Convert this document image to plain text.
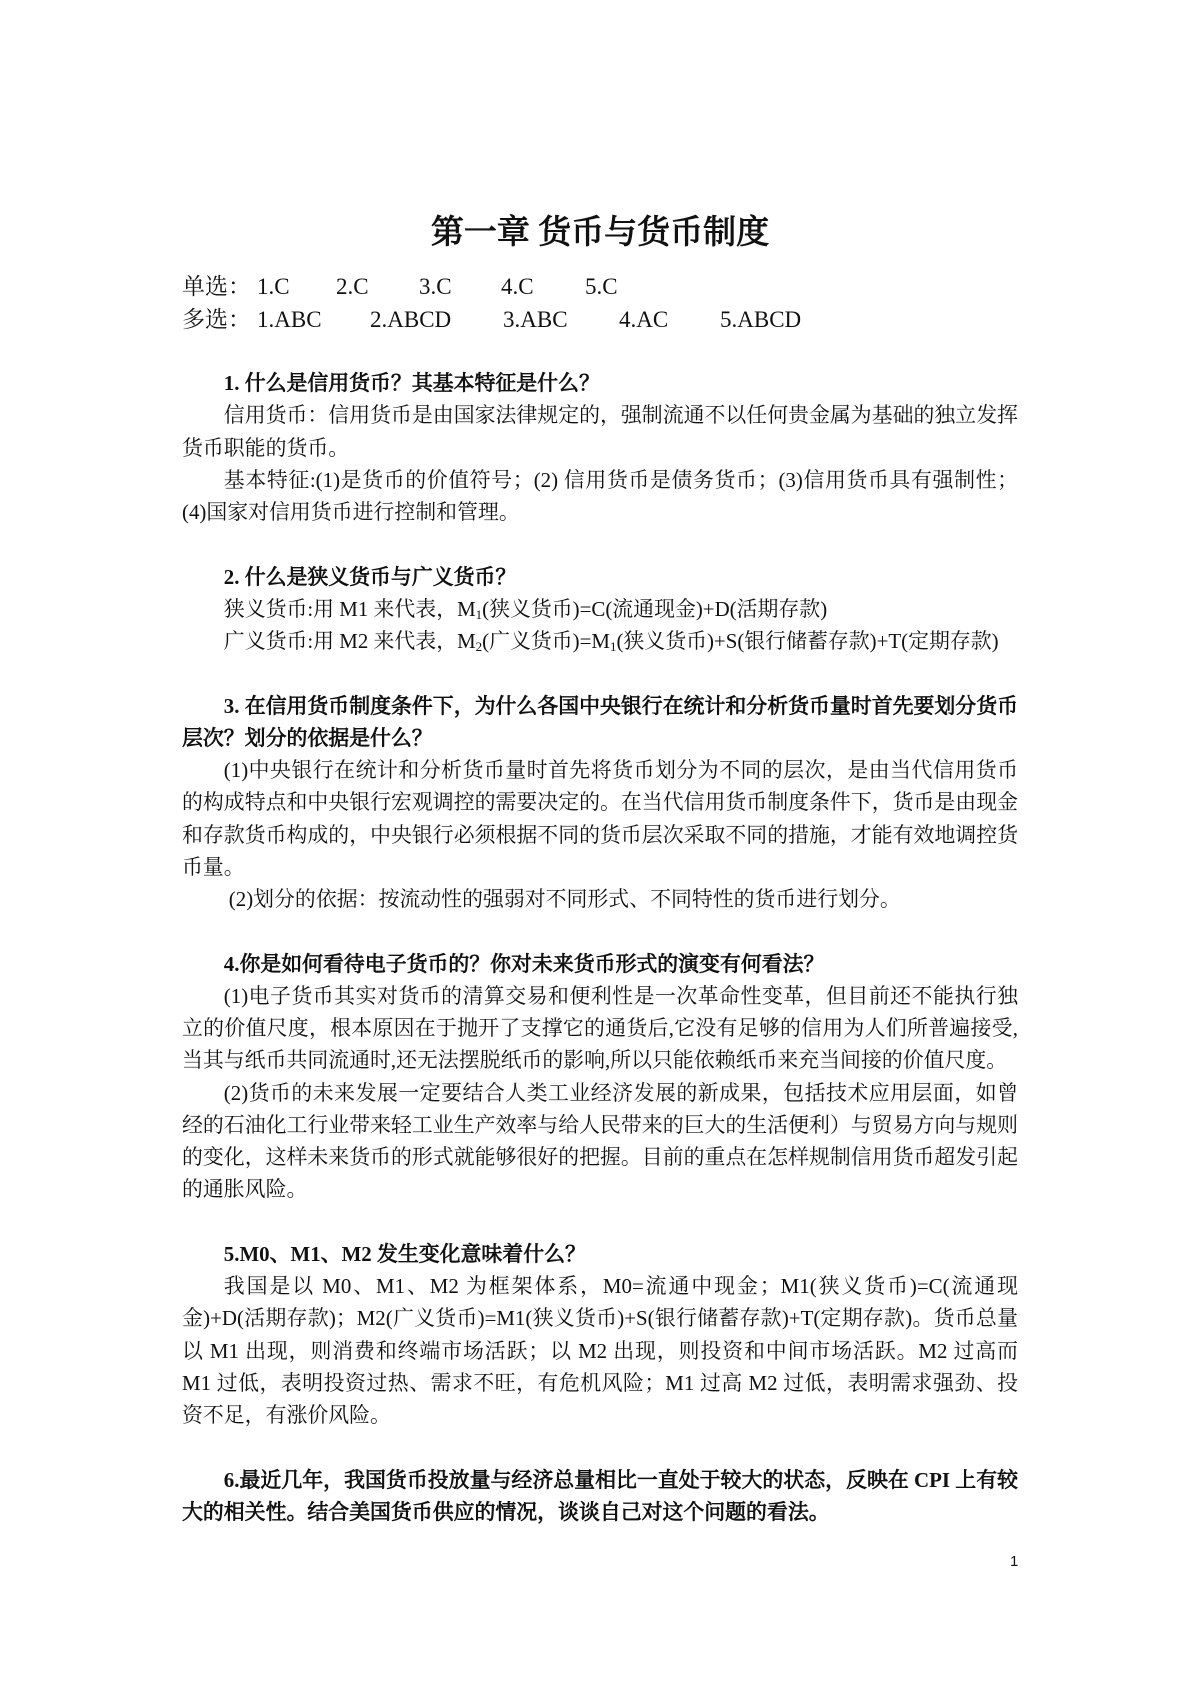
第一章 货币与货币制度
单选： 1.C 2.C 3.C 4.C 5.C
多选： 1.ABC 2.ABCD 3.ABC 4.AC 5.ABCD

1. 什么是信用货币？其基本特征是什么？

信用货币：信用货币是由国家法律规定的，强制流通不以任何贵金属为基础的独立发挥货币职能的货币。

基本特征:(1)是货币的价值符号；(2) 信用货币是债务货币；(3)信用货币具有强制性；(4)国家对信用货币进行控制和管理。

2. 什么是狭义货币与广义货币？

狭义货币:用 M1 来代表，$M_1$(狭义货币)=C(流通现金)+D(活期存款)

广义货币:用 M2 来代表，$M_2$(广义货币)$=M_1$(狭义货币)+S(银行储蓄存款)+T(定期存款)

3. 在信用货币制度条件下，为什么各国中央银行在统计和分析货币量时首先要划分货币层次？划分的依据是什么？

(1)中央银行在统计和分析货币量时首先将货币划分为不同的层次，是由当代信用货币的构成特点和中央银行宏观调控的需要决定的。在当代信用货币制度条件下，货币是由现金和存款货币构成的，中央银行必须根据不同的货币层次采取不同的措施，才能有效地调控货币量。

(2)划分的依据：按流动性的强弱对不同形式、不同特性的货币进行划分。

4.你是如何看待电子货币的？你对未来货币形式的演变有何看法？

(1)电子货币其实对货币的清算交易和便利性是一次革命性变革，但目前还不能执行独立的价值尺度，根本原因在于抛开了支撑它的通货后,它没有足够的信用为人们所普遍接受,当其与纸币共同流通时,还无法摆脱纸币的影响,所以只能依赖纸币来充当间接的价值尺度。

(2)货币的未来发展一定要结合人类工业经济发展的新成果，包括技术应用层面，如曾经的石油化工行业带来轻工业生产效率与给人民带来的巨大的生活便利）与贸易方向与规则的变化，这样未来货币的形式就能够很好的把握。目前的重点在怎样规制信用货币超发引起的通胀风险。

5.M0、M1、M2 发生变化意味着什么？

我国是以 M0、M1、M2 为框架体系，M0=流通中现金；M1(狭义货币)=C(流通现金)+D(活期存款)；M2(广义货币)=M1(狭义货币)+S(银行储蓄存款)+T(定期存款)。货币总量以 M1 出现，则消费和终端市场活跃；以 M2 出现，则投资和中间市场活跃。M2 过高而 M1 过低，表明投资过热、需求不旺，有危机风险；M1 过高 M2 过低，表明需求强劲、投资不足，有涨价风险。

6.最近几年，我国货币投放量与经济总量相比一直处于较大的状态，反映在 CPI 上有较大的相关性。结合美国货币供应的情况，谈谈自己对这个问题的看法。

1
